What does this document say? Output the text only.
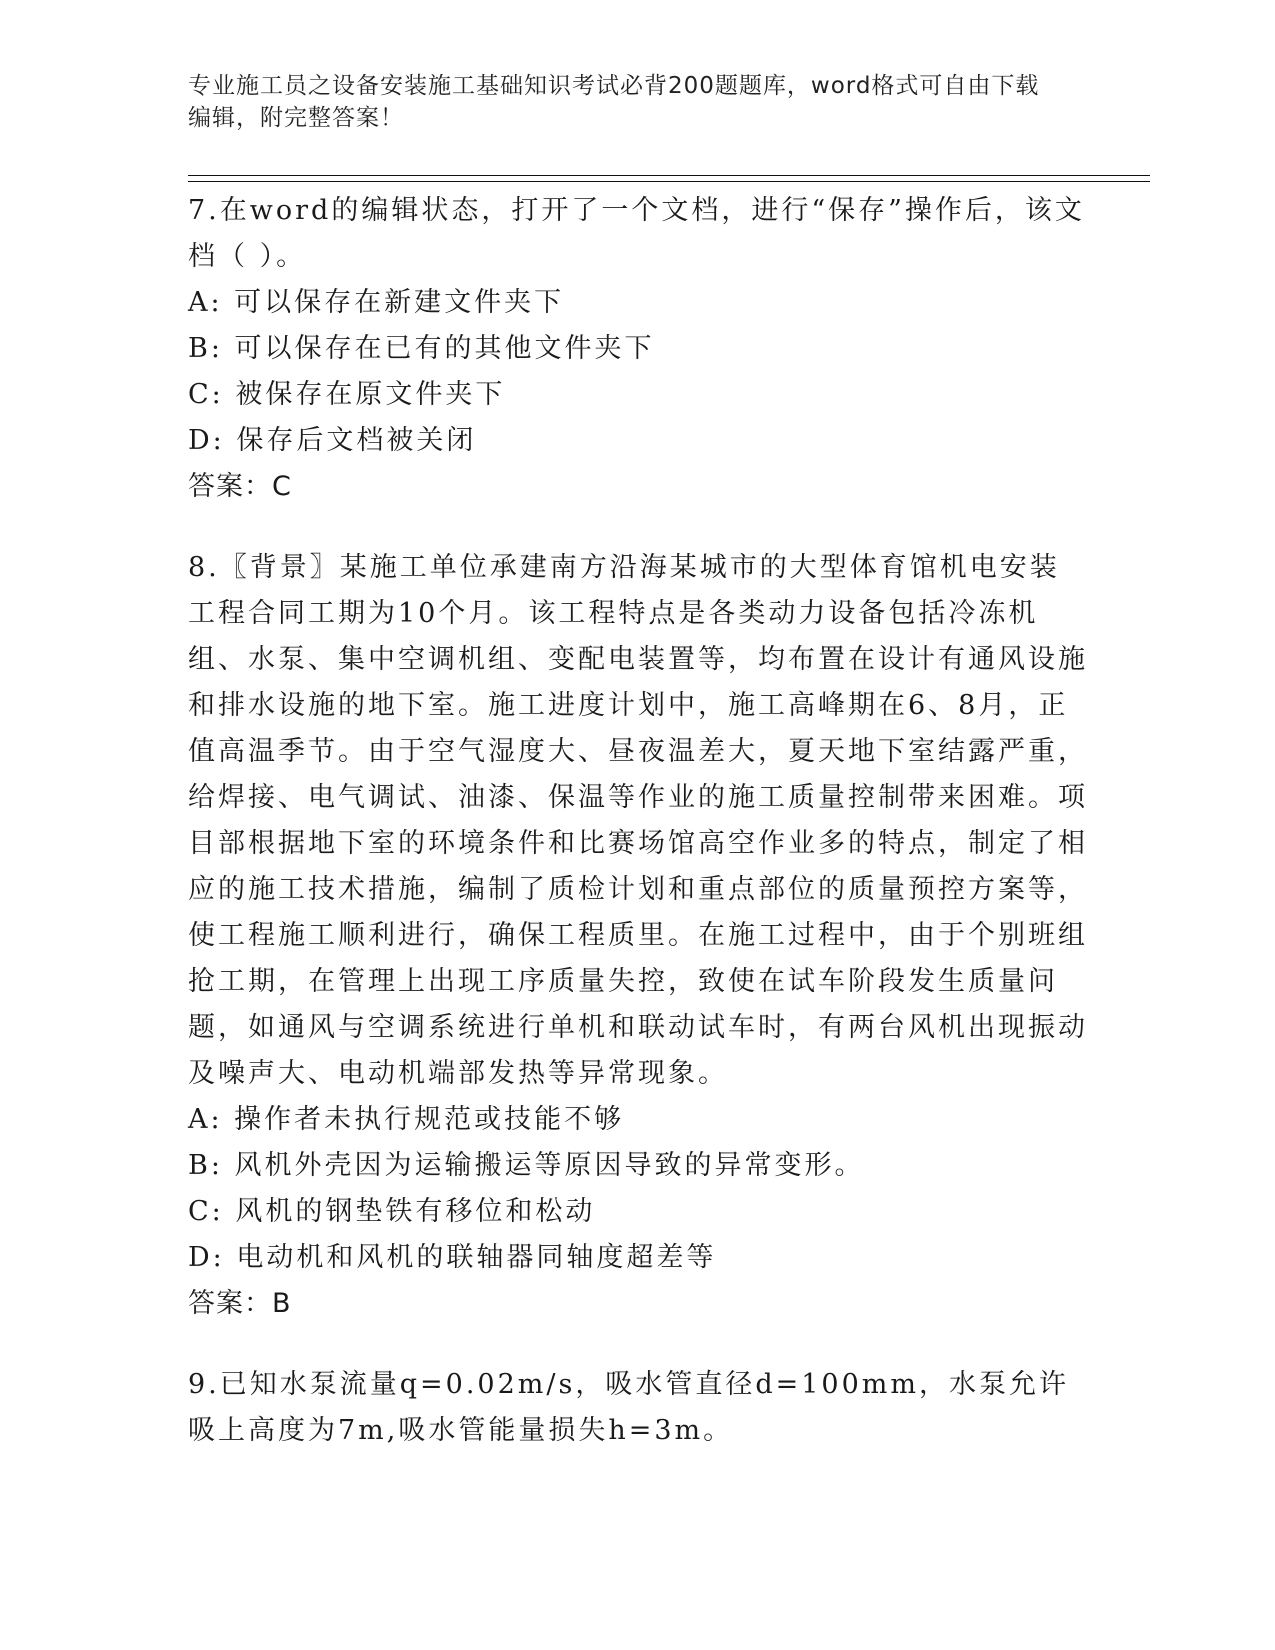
专业施工员之设备安装施工基础知识考试必背200题题库，word格式可自由下载
编辑，附完整答案！

7.在word的编辑状态，打开了一个文档，进行“保存”操作后，该文档（ ）。

A: 可以保存在新建文件夹下

B: 可以保存在已有的其他文件夹下

C: 被保存在原文件夹下

D: 保存后文档被关闭

答案：C

8.〖背景〗某施工单位承建南方沿海某城市的大型体育馆机电安装工程合同工期为10个月。该工程特点是各类动力设备包括冷冻机组、水泵、集中空调机组、变配电装置等，均布置在设计有通风设施和排水设施的地下室。施工进度计划中，施工高峰期在6、8月，正值高温季节。由于空气湿度大、昼夜温差大，夏天地下室结露严重，给焊接、电气调试、油漆、保温等作业的施工质量控制带来困难。项目部根据地下室的环境条件和比赛场馆高空作业多的特点，制定了相应的施工技术措施，编制了质检计划和重点部位的质量预控方案等，使工程施工顺利进行，确保工程质里。在施工过程中，由于个别班组抢工期，在管理上出现工序质量失控，致使在试车阶段发生质量问题，如通风与空调系统进行单机和联动试车时，有两台风机出现振动及噪声大、电动机端部发热等异常现象。

A: 操作者未执行规范或技能不够

B: 风机外壳因为运输搬运等原因导致的异常变形。

C: 风机的钢垫铁有移位和松动

D: 电动机和风机的联轴器同轴度超差等

答案：B

9.已知水泵流量q=0.02m/s，吸水管直径d=100mm，水泵允许吸上高度为7m,吸水管能量损失h=3m。
